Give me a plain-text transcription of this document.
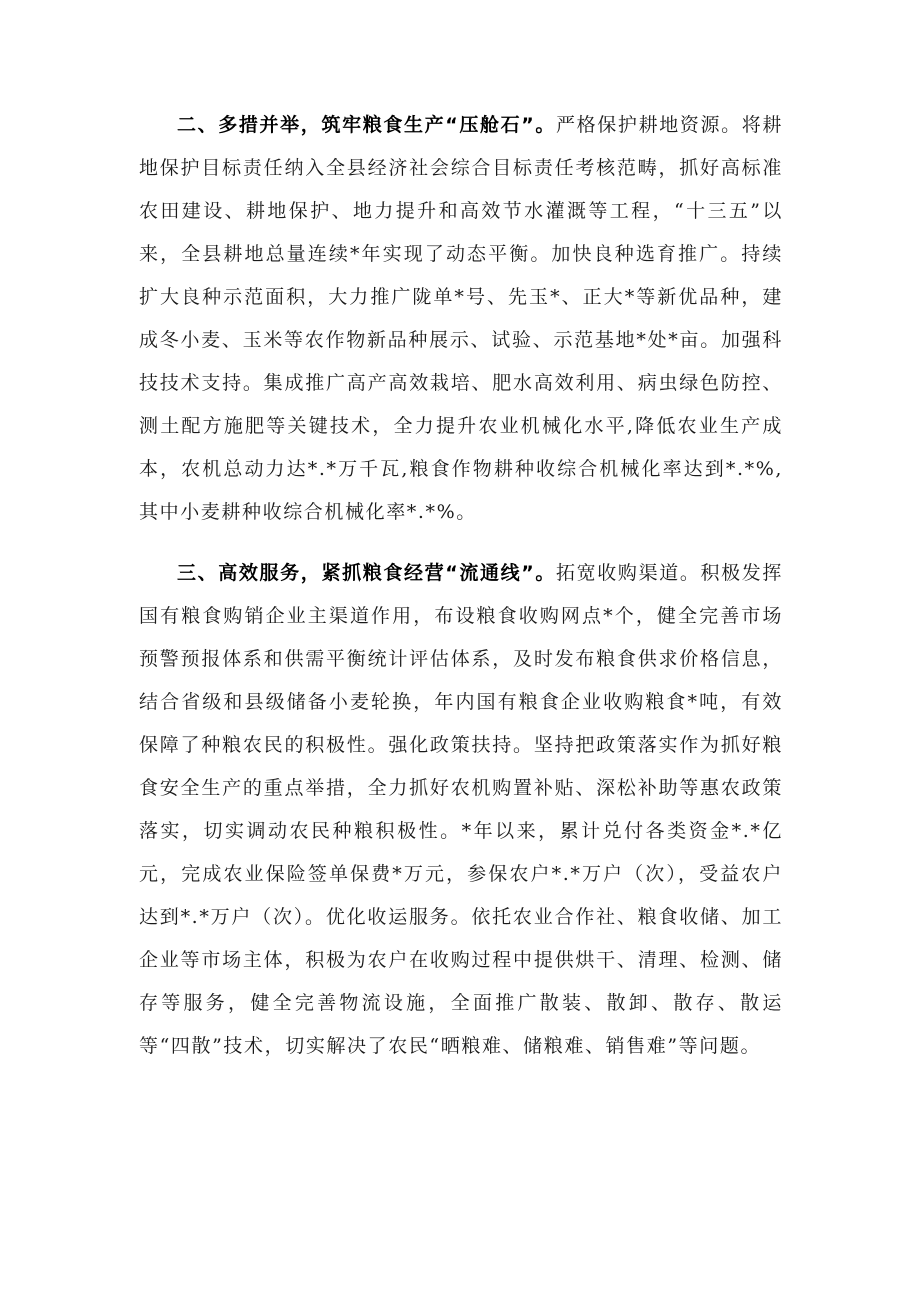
二、多措并举，筑牢粮食生产“压舱石”。严格保护耕地资源。将耕地保护目标责任纳入全县经济社会综合目标责任考核范畴，抓好高标准农田建设、耕地保护、地力提升和高效节水灌溉等工程，“十三五”以来，全县耕地总量连续*年实现了动态平衡。加快良种选育推广。持续扩大良种示范面积，大力推广陇单*号、先玉*、正大*等新优品种，建成冬小麦、玉米等农作物新品种展示、试验、示范基地*处*亩。加强科技技术支持。集成推广高产高效栽培、肥水高效利用、病虫绿色防控、测土配方施肥等关键技术，全力提升农业机械化水平,降低农业生产成本，农机总动力达*.*万千瓦,粮食作物耕种收综合机械化率达到*.*%,其中小麦耕种收综合机械化率*.*%。

三、高效服务，紧抓粮食经营“流通线”。拓宽收购渠道。积极发挥国有粮食购销企业主渠道作用，布设粮食收购网点*个，健全完善市场预警预报体系和供需平衡统计评估体系，及时发布粮食供求价格信息，结合省级和县级储备小麦轮换，年内国有粮食企业收购粮食*吨，有效保障了种粮农民的积极性。强化政策扶持。坚持把政策落实作为抓好粮食安全生产的重点举措，全力抓好农机购置补贴、深松补助等惠农政策落实，切实调动农民种粮积极性。*年以来，累计兑付各类资金*.*亿元，完成农业保险签单保费*万元，参保农户*.*万户（次），受益农户达到*.*万户（次）。优化收运服务。依托农业合作社、粮食收储、加工企业等市场主体，积极为农户在收购过程中提供烘干、清理、检测、储存等服务，健全完善物流设施，全面推广散装、散卸、散存、散运等“四散”技术，切实解决了农民“晒粮难、储粮难、销售难”等问题。
